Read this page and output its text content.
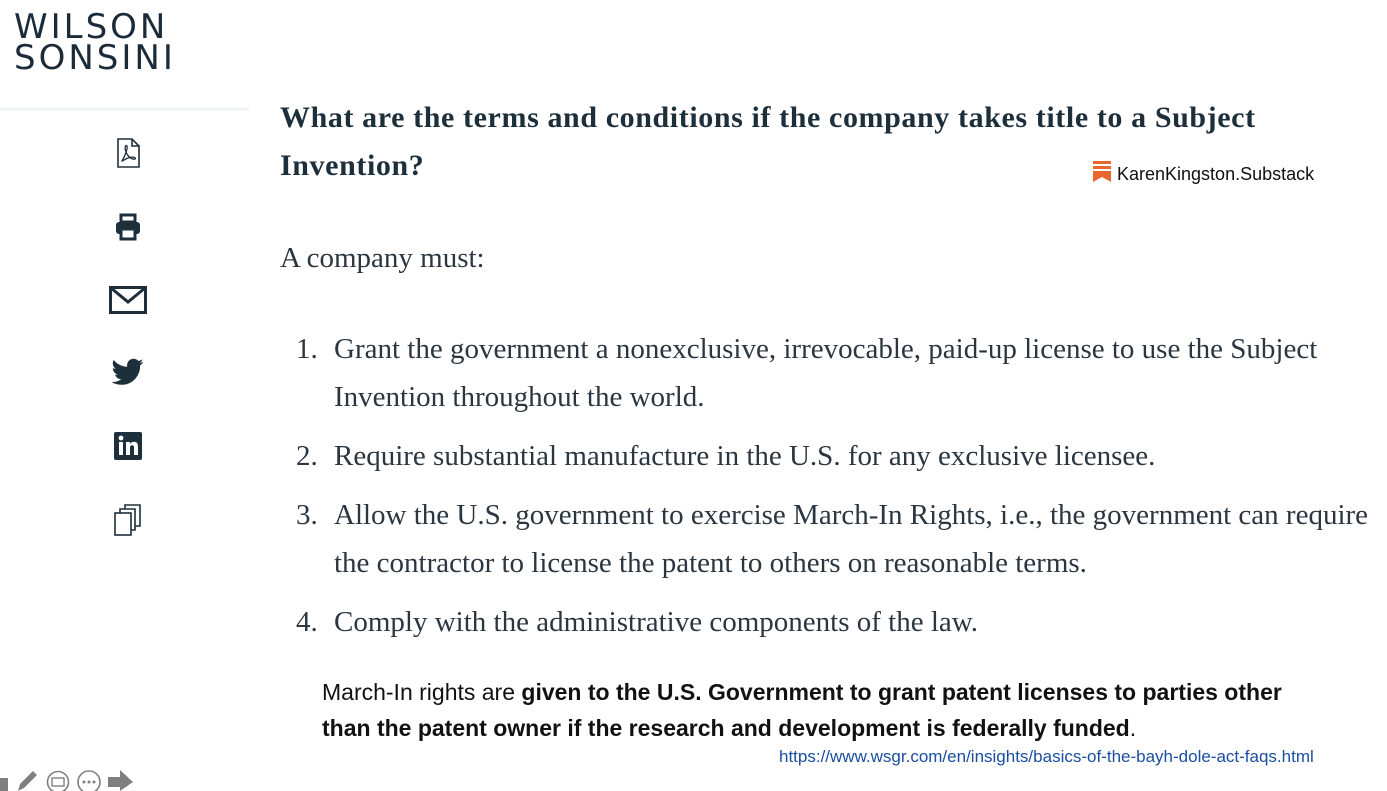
WILSON
SONSINI
What are the terms and conditions if the company takes title to a Subject Invention?	KarenKingston.Substack
A company must:
1. Grant the government a nonexclusive, irrevocable, paid-up license to use the Subject Invention throughout the world.
2. Require substantial manufacture in the U.S. for any exclusive licensee.
3. Allow the U.S. government to exercise March-In Rights, i.e., the government can require the contractor to license the patent to others on reasonable terms.
4. Comply with the administrative components of the law.
March-In rights are given to the U.S. Government to grant patent licenses to parties other than the patent owner if the research and development is federally funded.
https://www.wsgr.com/en/insights/basics-of-the-bayh-dole-act-faqs.html
